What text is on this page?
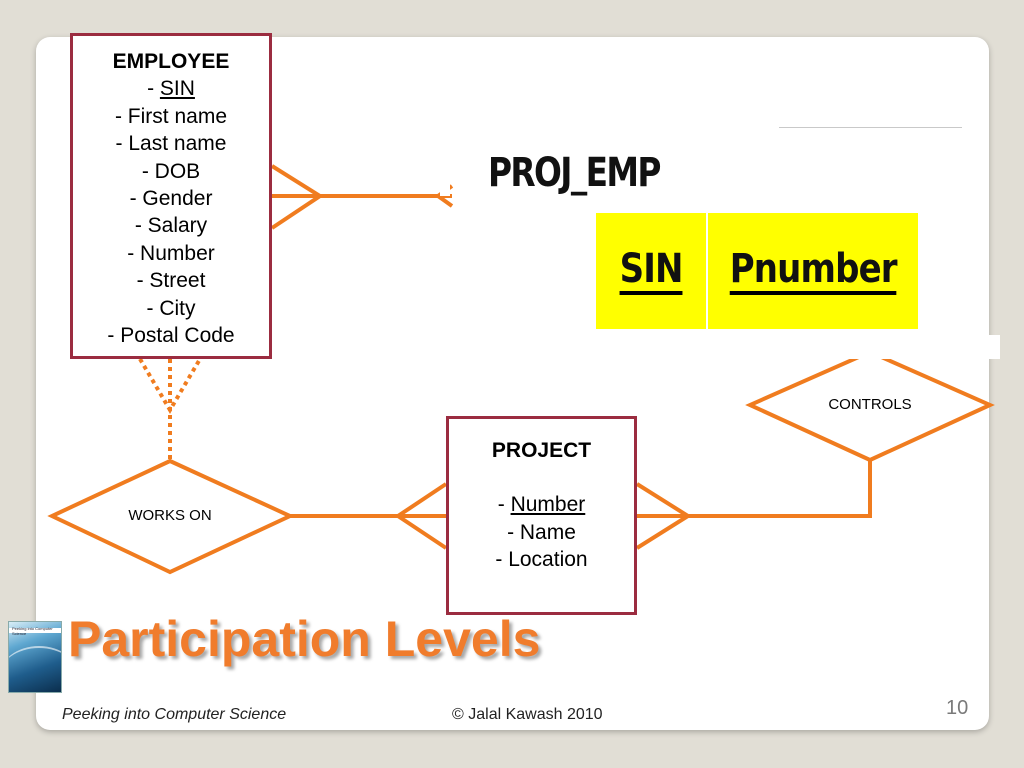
EMPLOYEE
- SIN
- First name
- Last name
- DOB
- Gender
- Salary
- Number
- Street
- City
- Postal Code
PROJECT
- Number
- Name
- Location
WORKS ON
CONTROLS
PROJ_EMP
SIN Pnumber
Peeking into Computer Science Participation Levels
Peeking into Computer Science	© Jalal Kawash 2010	10
